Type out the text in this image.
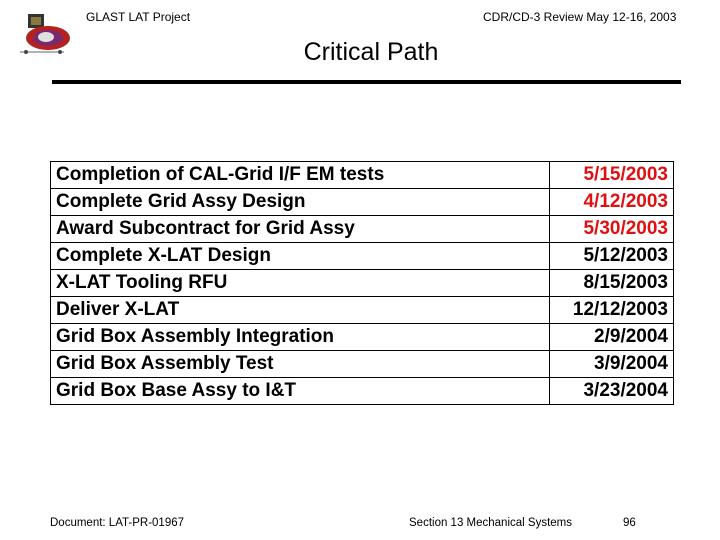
GLAST LAT Project	CDR/CD-3 Review May 12-16, 2003
Critical Path
Completion of CAL-Grid I/F EM tests	5/15/2003
Complete Grid Assy Design	4/12/2003
Award Subcontract for Grid Assy	5/30/2003
Complete X-LAT Design	5/12/2003
X-LAT Tooling RFU	8/15/2003
Deliver X-LAT	12/12/2003
Grid Box Assembly Integration	2/9/2004
Grid Box Assembly Test	3/9/2004
Grid Box Base Assy to I&T	3/23/2004
Document: LAT-PR-01967	Section 13 Mechanical Systems	96
